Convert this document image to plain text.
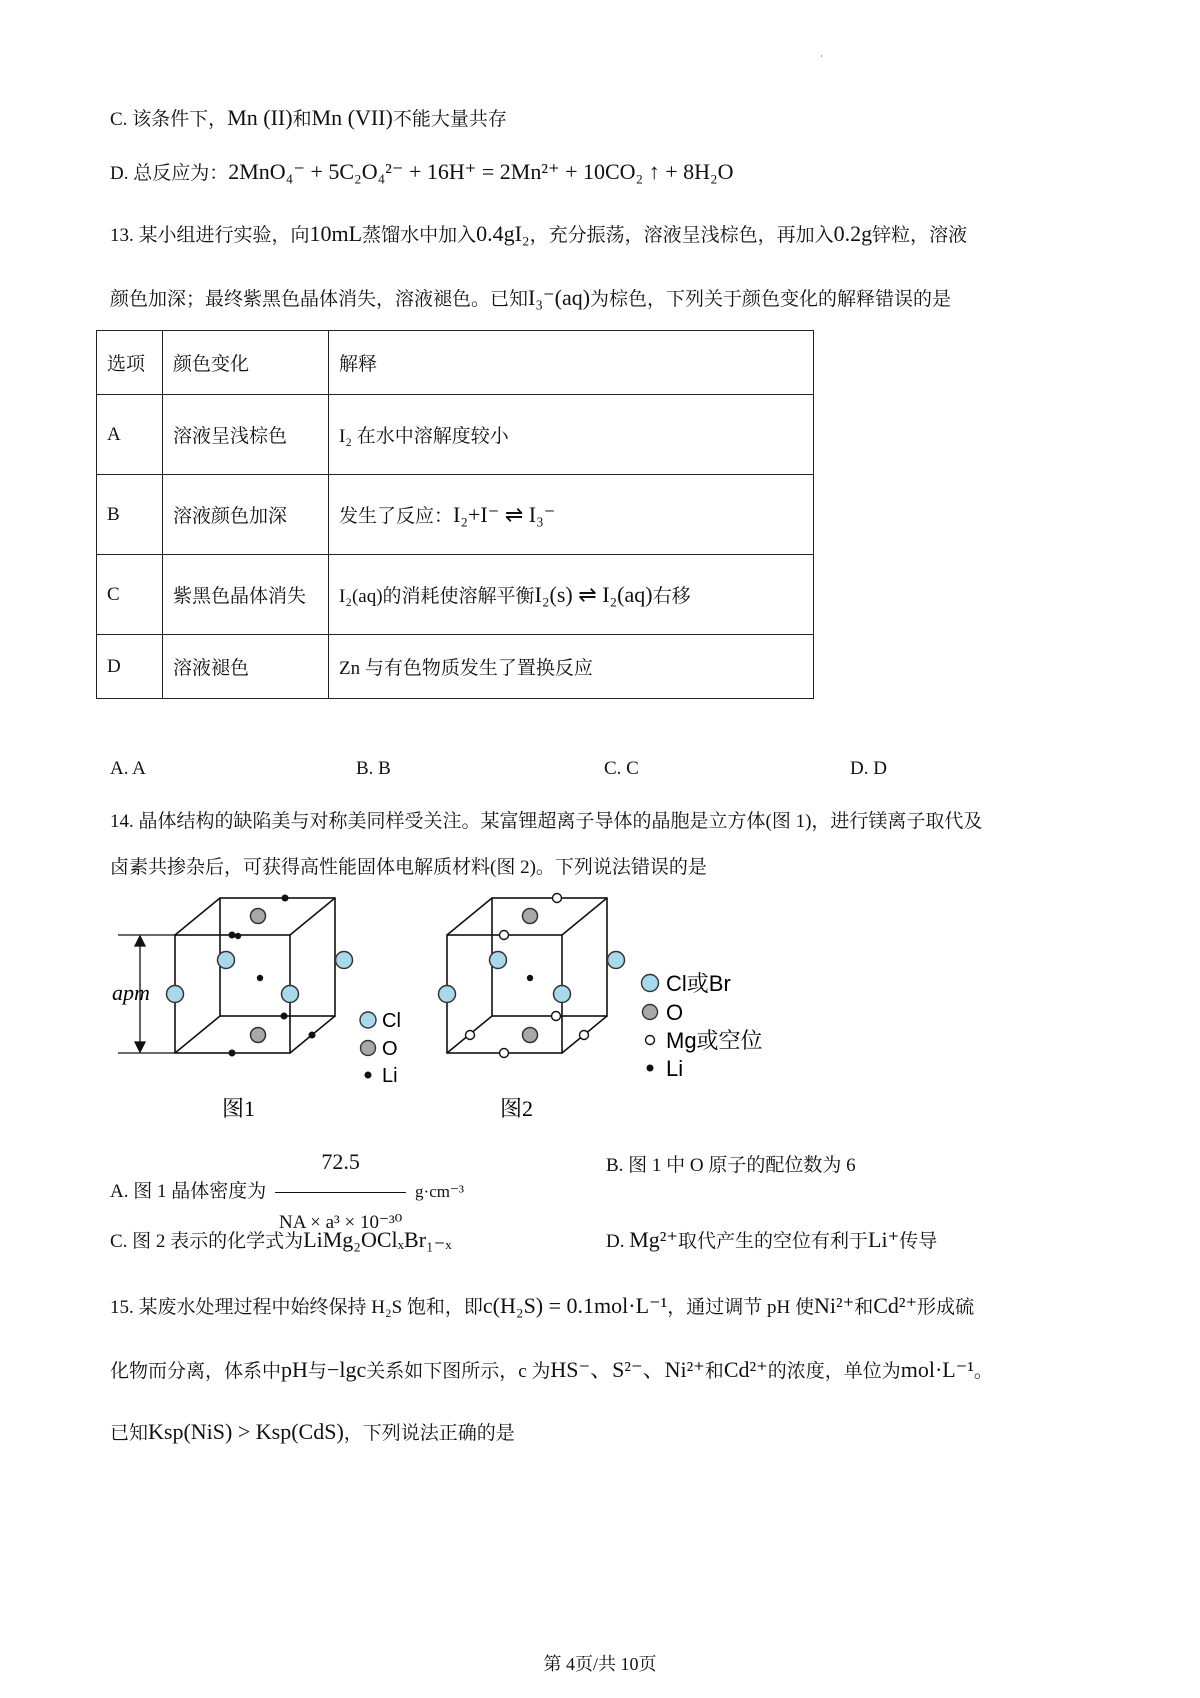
·
C. 该条件下，Mn (II)和Mn (VII)不能大量共存
D. 总反应为：2MnO₄⁻ + 5C₂O₄²⁻ + 16H⁺ = 2Mn²⁺ + 10CO₂ ↑ + 8H₂O
13. 某小组进行实验，向10mL蒸馏水中加入0.4gI₂，充分振荡，溶液呈浅棕色，再加入0.2g锌粒，溶液
颜色加深；最终紫黑色晶体消失，溶液褪色。已知I₃⁻(aq)为棕色，下列关于颜色变化的解释错误的是
选项	颜色变化	解释
A	溶液呈浅棕色	I₂ 在水中溶解度较小
B	溶液颜色加深	发生了反应：I₂+I⁻ ⇌ I₃⁻
C	紫黑色晶体消失	I₂(aq)的消耗使溶解平衡I₂(s) ⇌ I₂(aq)右移
D	溶液褪色	Zn 与有色物质发生了置换反应
A. A	B. B	C. C	D. D
14. 晶体结构的缺陷美与对称美同样受关注。某富锂超离子导体的晶胞是立方体(图 1)，进行镁离子取代及
卤素共掺杂后，可获得高性能固体电解质材料(图 2)。下列说法错误的是
apm
Cl
O
Li
图1
Cl或Br
O
Mg或空位
Li
图2
A. 图 1 晶体密度为 $\frac{72.5}{\text{NA × a³ × 10⁻³⁰}} g\cdot cm^{-3}$
B. 图 1 中 O 原子的配位数为 6
C. 图 2 表示的化学式为LiMg₂OClₓBr₁₋ₓ	D. Mg²⁺取代产生的空位有利于Li⁺传导
15. 某废水处理过程中始终保持 H₂S 饱和，即c(H₂S) = 0.1mol·L⁻¹，通过调节 pH 使Ni²⁺和Cd²⁺形成硫
化物而分离，体系中pH与−lgc关系如下图所示，c 为HS⁻、S²⁻、Ni²⁺和Cd²⁺的浓度，单位为mol·L⁻¹。
已知Ksp(NiS) > Ksp(CdS)，下列说法正确的是
第 4页/共 10页
